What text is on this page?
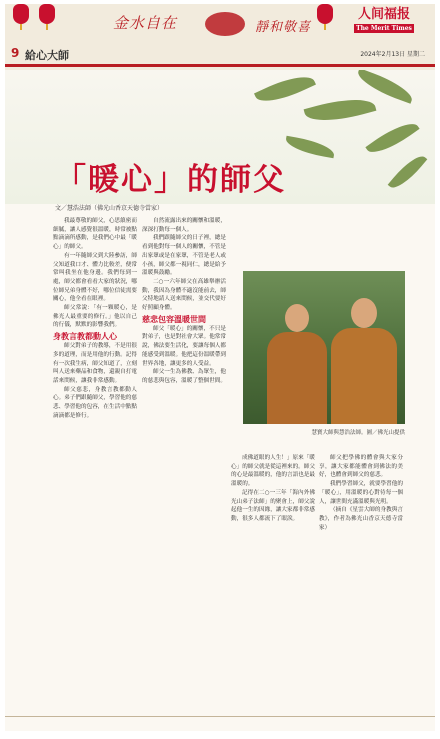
9 給心大師
金水自在	靜和敬喜
人间福报
The Merit Times
2024年2月13日 星期二
「暖心」的師父
文／慧浩法師（佛光山香京天德寺當家）

我最尊敬的師父，心思縝密而細膩，讓人感覺很溫暖，時常被點點滴滴所感動，是我們心中最「暖心」的師父。

有一年隨師父到大陸參訪，師父知道我口才、體力比較差，便常常叫我坐在他身邊。我們每到一處，師父都會看看大家的狀況，哪位師兄弟身體不好，哪位信徒需要關心，他全看在眼裡。

師父常說：「有一顆暖心，是佛光人最重要的修行。」他以自己的行儀，默默的影響我們。

身教言教都動人心

師父對弟子的教導，不是用很多的道理，而是用他的行動。記得有一次我生病，師父知道了，立刻叫人送來藥品和食物，還親自打電話來問候，讓我非常感動。

師父慈悲，身教言教都動人心。弟子們跟隨師父，學習他的慈悲、學習他的包容，在生活中點點滴滴都是修行。

自然流露出來的關懷和溫暖，深深打動每一個人。

我們跟隨師父的日子裡，總是看到他對每一個人的關懷，不管是出家眾或是在家眾，不管是老人或小孩，師父都一視同仁，總是給予溫暖與鼓勵。

二○一六年師父在高雄舉辦活動，我因為身體不適沒能前去，師父特地請人送來問候，並交代要好好照顧身體。

慈悲包容溫暖世間

師父「暖心」的關懷，不只是對弟子，也是對社會大眾。他常常說，佛法要生活化，要讓每個人都能感受到溫暖。他把這份溫暖帶到世界各地，讓更多的人受益。

師父一生為佛教、為眾生，他的慈悲與包容，溫暖了整個世間。

慧寶大師與慧浩法師。圖／佛光山提供

成佛道眼的人生！」原來「暖心」的師父就是從這裡來的。師父的心是最溫暖的，他的言語也是最溫暖的。

記得在二○一三年「海內外佛光山弟子法師」的聚會上，師父說起他一生的因緣，讓大家都非常感動，很多人都流下了眼淚。

師父把學佛的體會與大家分享，讓大家都能體會到佛法的美好，也體會到師父的慈悲。

我們學習師父，就要學習他的「暖心」，用溫暖的心對待每一個人，讓世間充滿溫暖與光明。

（摘自《星雲大師的身教與言教》，作者為佛光山香京天德寺當家）
